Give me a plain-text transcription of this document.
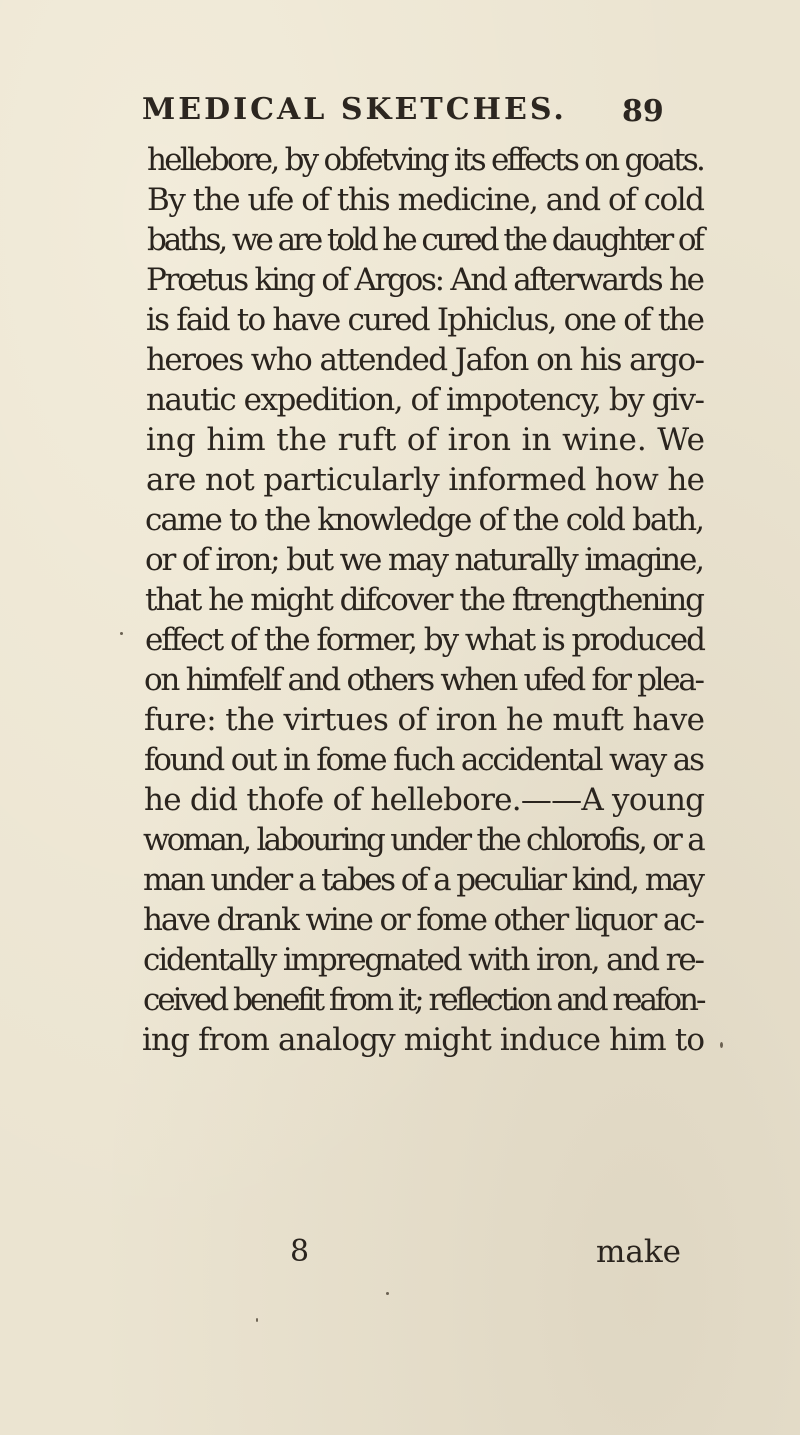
MEDICAL SKETCHES. 89
hellebore, by obfetving its effects on goats.
By the ufe of this medicine, and of cold
baths, we are told he cured the daughter of
Prœtus king of Argos: And afterwards he
is faid to have cured Iphiclus, one of the
heroes who attended Jafon on his argo-
nautic expedition, of impotency, by giv-
ing him the ruft of iron in wine. We
are not particularly informed how he
came to the knowledge of the cold bath,
or of iron; but we may naturally imagine,
that he might difcover the ftrengthening
effect of the former, by what is produced
on himfelf and others when ufed for plea-
fure: the virtues of iron he muft have
found out in fome fuch accidental way as
he did thofe of hellebore.——A young
woman, labouring under the chlorofis, or a
man under a tabes of a peculiar kind, may
have drank wine or fome other liquor ac-
cidentally impregnated with iron, and re-
ceived benefit from it; reflection and reafon-
ing from analogy might induce him to
8	make
